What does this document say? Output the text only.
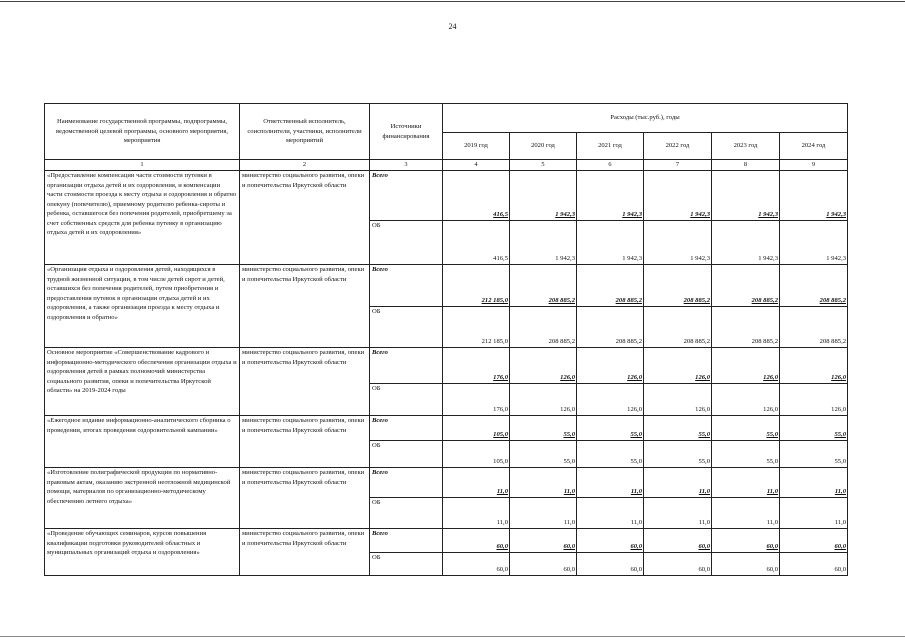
24
Наименование государственной программы, подпрограммы, ведомственной целевой программы, основного мероприятия, мероприятия	Ответственный исполнитель, соисполнители, участники, исполнители мероприятий	Источники финансирования	Расходы (тыс.руб.), годы					
			2019 год	2020 год	2021 год	2022 год	2023 год	2024 год
1	2	3	4	5	6	7	8	9
«Предоставление компенсации части стоимости путевки в организации отдыха детей и их оздоровления, и компенсации части стоимости проезда к месту отдыха и оздоровления и обратно опекуну (попечителю), приемному родителю ребенка-сироты и ребенка, оставшегося без попечения родителей, приобретшему за счет собственных средств для ребенка путевку в организацию отдыха детей и их оздоровления»	министерство социального развития, опеки и попечительства Иркутской области	Всего	416,5	1 942,3	1 942,3	1 942,3	1 942,3	1 942,3
		ОБ	416,5	1 942,3	1 942,3	1 942,3	1 942,3	1 942,3
«Организация отдыха и оздоровления детей, находящихся в трудной жизненной ситуации, в том числе детей сирот и детей, оставшихся без попечения родителей, путем приобретения и предоставления путевок в организации отдыха детей и их оздоровления, а также организация проезда к месту отдыха и оздоровления и обратно»	министерство социального развития, опеки и попечительства Иркутской области	Всего	212 185,0	208 885,2	208 885,2	208 885,2	208 885,2	208 885,2
		ОБ	212 185,0	208 885,2	208 885,2	208 885,2	208 885,2	208 885,2
Основное мероприятие «Совершенствование кадрового и информационно-методического обеспечения организации отдыха и оздоровления детей в рамках полномочий министерства социального развития, опеки и попечительства Иркутской области» на 2019-2024 годы	министерство социального развития, опеки и попечительства Иркутской области	Всего	176,0	126,0	126,0	126,0	126,0	126,0
		ОБ	176,0	126,0	126,0	126,0	126,0	126,0
«Ежегодное издание информационно-аналитического сборника о проведении, итогах проведения оздоровительной кампании»	министерство социального развития, опеки и попечительства Иркутской области	Всего	105,0	55,0	55,0	55,0	55,0	55,0
		ОБ	105,0	55,0	55,0	55,0	55,0	55,0
«Изготовление полиграфической продукции по нормативно-правовым актам, оказанию экстренной неотложной медицинской помощи, материалов по организационно-методическому обеспечению летнего отдыха»	министерство социального развития, опеки и попечительства Иркутской области	Всего	11,0	11,0	11,0	11,0	11,0	11,0
		ОБ	11,0	11,0	11,0	11,0	11,0	11,0
«Проведение обучающих семинаров, курсов повышения квалификации подготовки руководителей областных и муниципальных организаций отдыха и оздоровления»	министерство социального развития, опеки и попечительства Иркутской области	Всего	60,0	60,0	60,0	60,0	60,0	60,0
		ОБ	60,0	60,0	60,0	60,0	60,0	60,0
